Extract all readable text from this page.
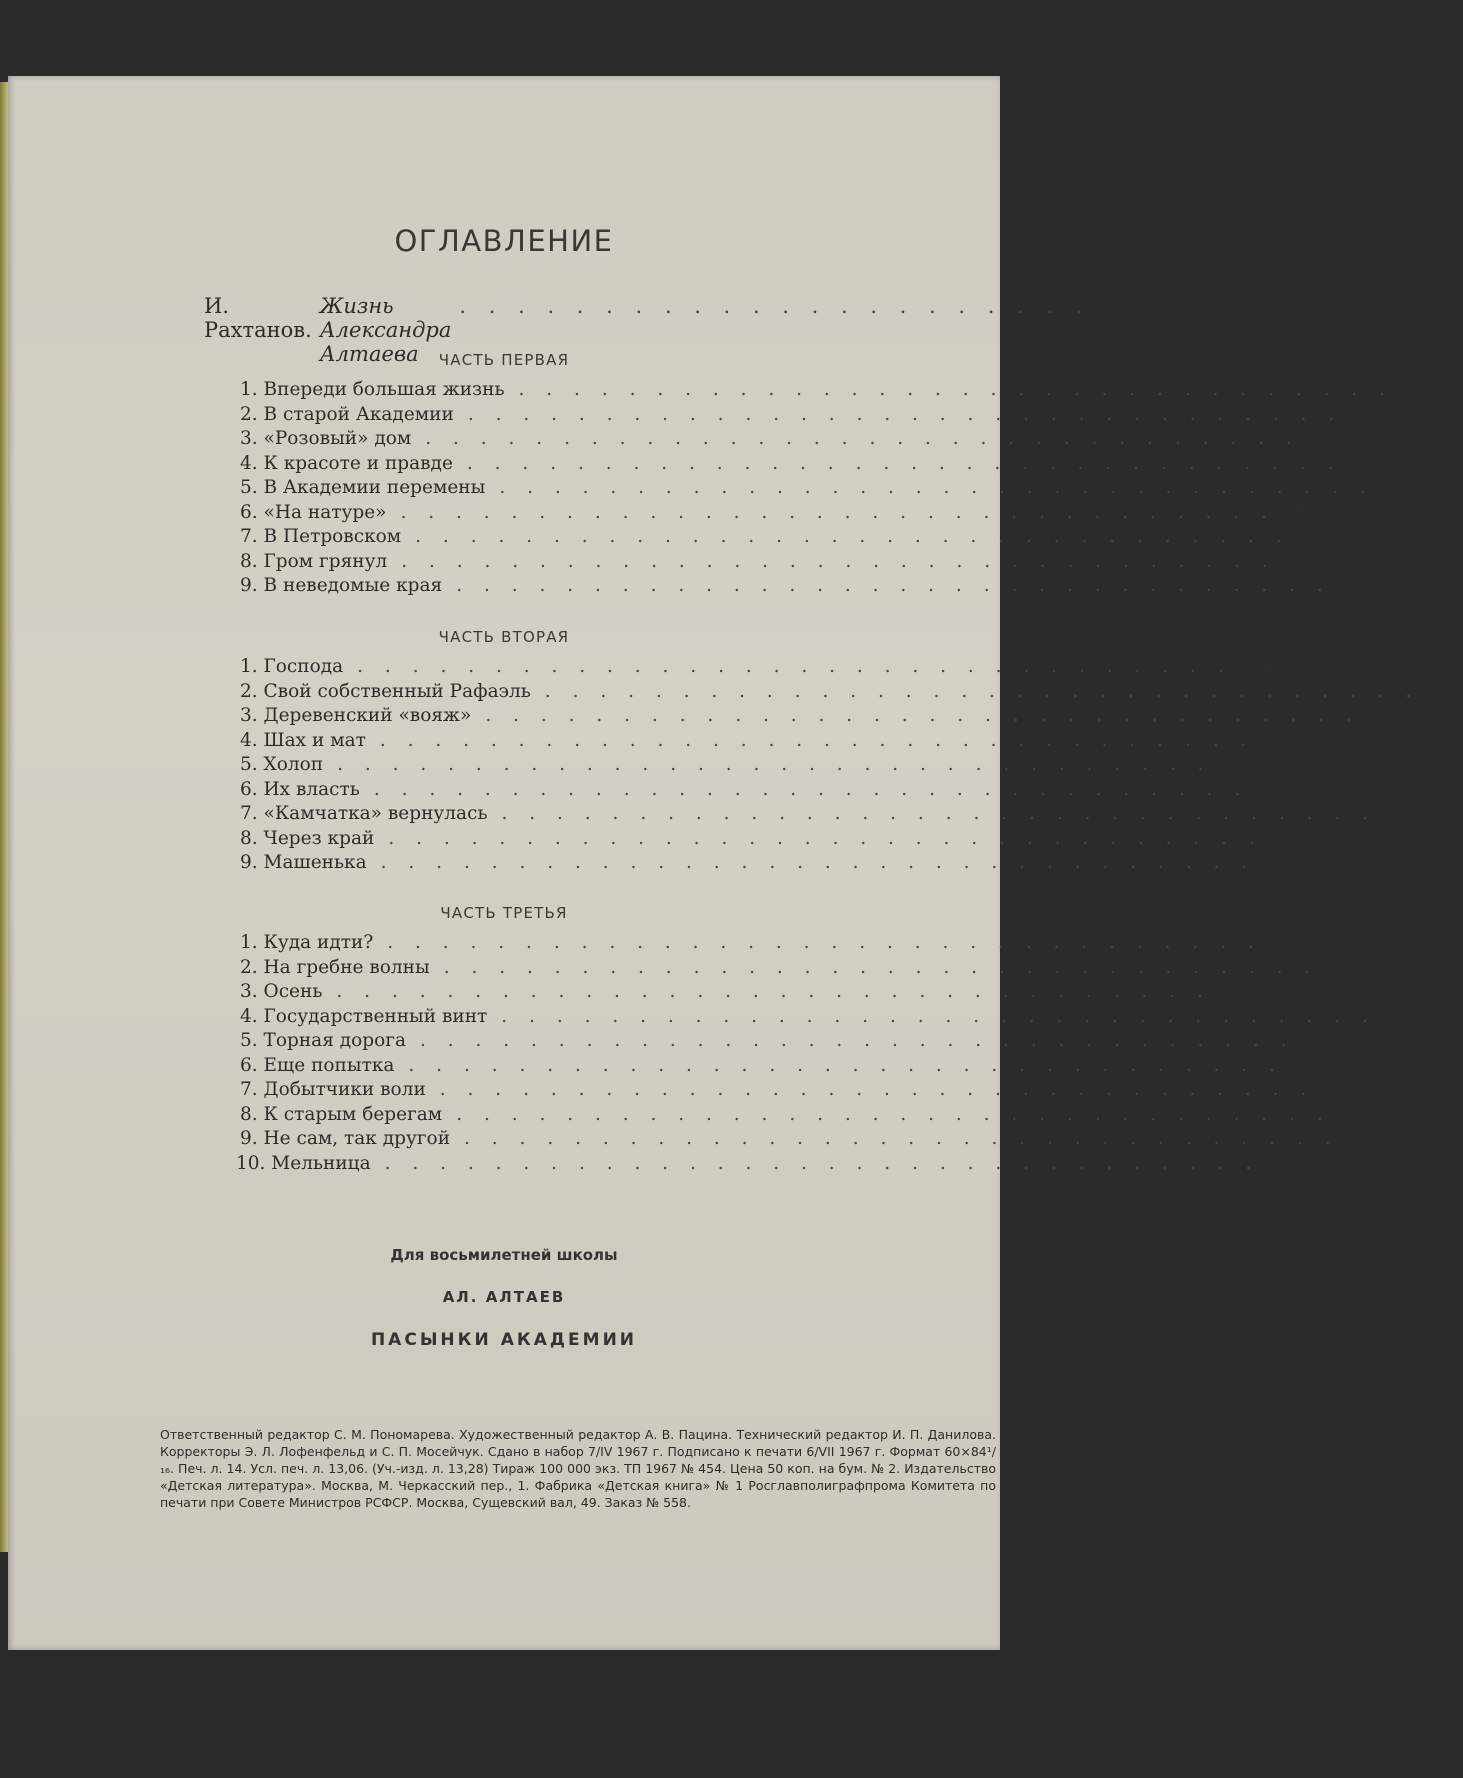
ОГЛАВЛЕНИЕ
И. Рахтанов.
Жизнь Александра Алтаева
. . . . . . . . . . . . . . . . . . . . . . 3
ЧАСТЬ ПЕРВАЯ
1. Впереди большая жизнь . . . . . . . . . . . . . . . . . . . . . . . . . . . . . . . .	9
2. В старой Академии . . . . . . . . . . . . . . . . . . . . . . . . . . . . . . . .	13
3. «Розовый» дом . . . . . . . . . . . . . . . . . . . . . . . . . . . . . . . .	19
4. К красоте и правде . . . . . . . . . . . . . . . . . . . . . . . . . . . . . . . .	31
5. В Академии перемены . . . . . . . . . . . . . . . . . . . . . . . . . . . . . . . .	41
6. «На натуре» . . . . . . . . . . . . . . . . . . . . . . . . . . . . . . . .	50
7. В Петровском . . . . . . . . . . . . . . . . . . . . . . . . . . . . . . . .	58
8. Гром грянул . . . . . . . . . . . . . . . . . . . . . . . . . . . . . . . .	67
9. В неведомые края . . . . . . . . . . . . . . . . . . . . . . . . . . . . . . . .	76
ЧАСТЬ ВТОРАЯ
1. Господа . . . . . . . . . . . . . . . . . . . . . . . . . . . . . . . .	84
2. Свой собственный Рафаэль . . . . . . . . . . . . . . . . . . . . . . . . . . . . . . . .	95
3. Деревенский «вояж» . . . . . . . . . . . . . . . . . . . . . . . . . . . . . . . . 103
4. Шах и мат . . . . . . . . . . . . . . . . . . . . . . . . . . . . . . . . 110
5. Холоп . . . . . . . . . . . . . . . . . . . . . . . . . . . . . . . . 116
6. Их власть . . . . . . . . . . . . . . . . . . . . . . . . . . . . . . . . 121
7. «Камчатка» вернулась . . . . . . . . . . . . . . . . . . . . . . . . . . . . . . . . 132
8. Через край . . . . . . . . . . . . . . . . . . . . . . . . . . . . . . . . 137
9. Машенька . . . . . . . . . . . . . . . . . . . . . . . . . . . . . . . . 143
ЧАСТЬ ТРЕТЬЯ
1. Куда идти? . . . . . . . . . . . . . . . . . . . . . . . . . . . . . . . . 149
2. На гребне волны . . . . . . . . . . . . . . . . . . . . . . . . . . . . . . . . 155
3. Осень . . . . . . . . . . . . . . . . . . . . . . . . . . . . . . . . 162
4. Государственный винт . . . . . . . . . . . . . . . . . . . . . . . . . . . . . . . . 167
5. Торная дорога . . . . . . . . . . . . . . . . . . . . . . . . . . . . . . . . 175
6. Еще попытка . . . . . . . . . . . . . . . . . . . . . . . . . . . . . . . . 184
7. Добытчики воли . . . . . . . . . . . . . . . . . . . . . . . . . . . . . . . . 194
8. К старым берегам . . . . . . . . . . . . . . . . . . . . . . . . . . . . . . . . 203
9. Не сам, так другой . . . . . . . . . . . . . . . . . . . . . . . . . . . . . . . . 209
10. Мельница . . . . . . . . . . . . . . . . . . . . . . . . . . . . . . . . 217
Для восьмилетней школы
АЛ. АЛТАЕВ
ПАСЫНКИ АКАДЕМИИ
Ответственный редактор С. М. Пономарева. Художественный редактор А. В. Пацина. Технический редактор И. П. Данилова. Корректоры Э. Л. Лофенфельд и С. П. Мосейчук. Сдано в набор 7/IV 1967 г. Подписано к печати 6/VII 1967 г. Формат 60×84¹/₁₆. Печ. л. 14. Усл. печ. л. 13,06. (Уч.-изд. л. 13,28) Тираж 100 000 экз. ТП 1967 № 454. Цена 50 коп. на бум. № 2. Издательство «Детская литература». Москва, М. Черкасский пер., 1. Фабрика «Детская книга» № 1 Росглавполиграфпрома Комитета по печати при Совете Министров РСФСР. Москва, Сущевский вал, 49. Заказ № 558.
